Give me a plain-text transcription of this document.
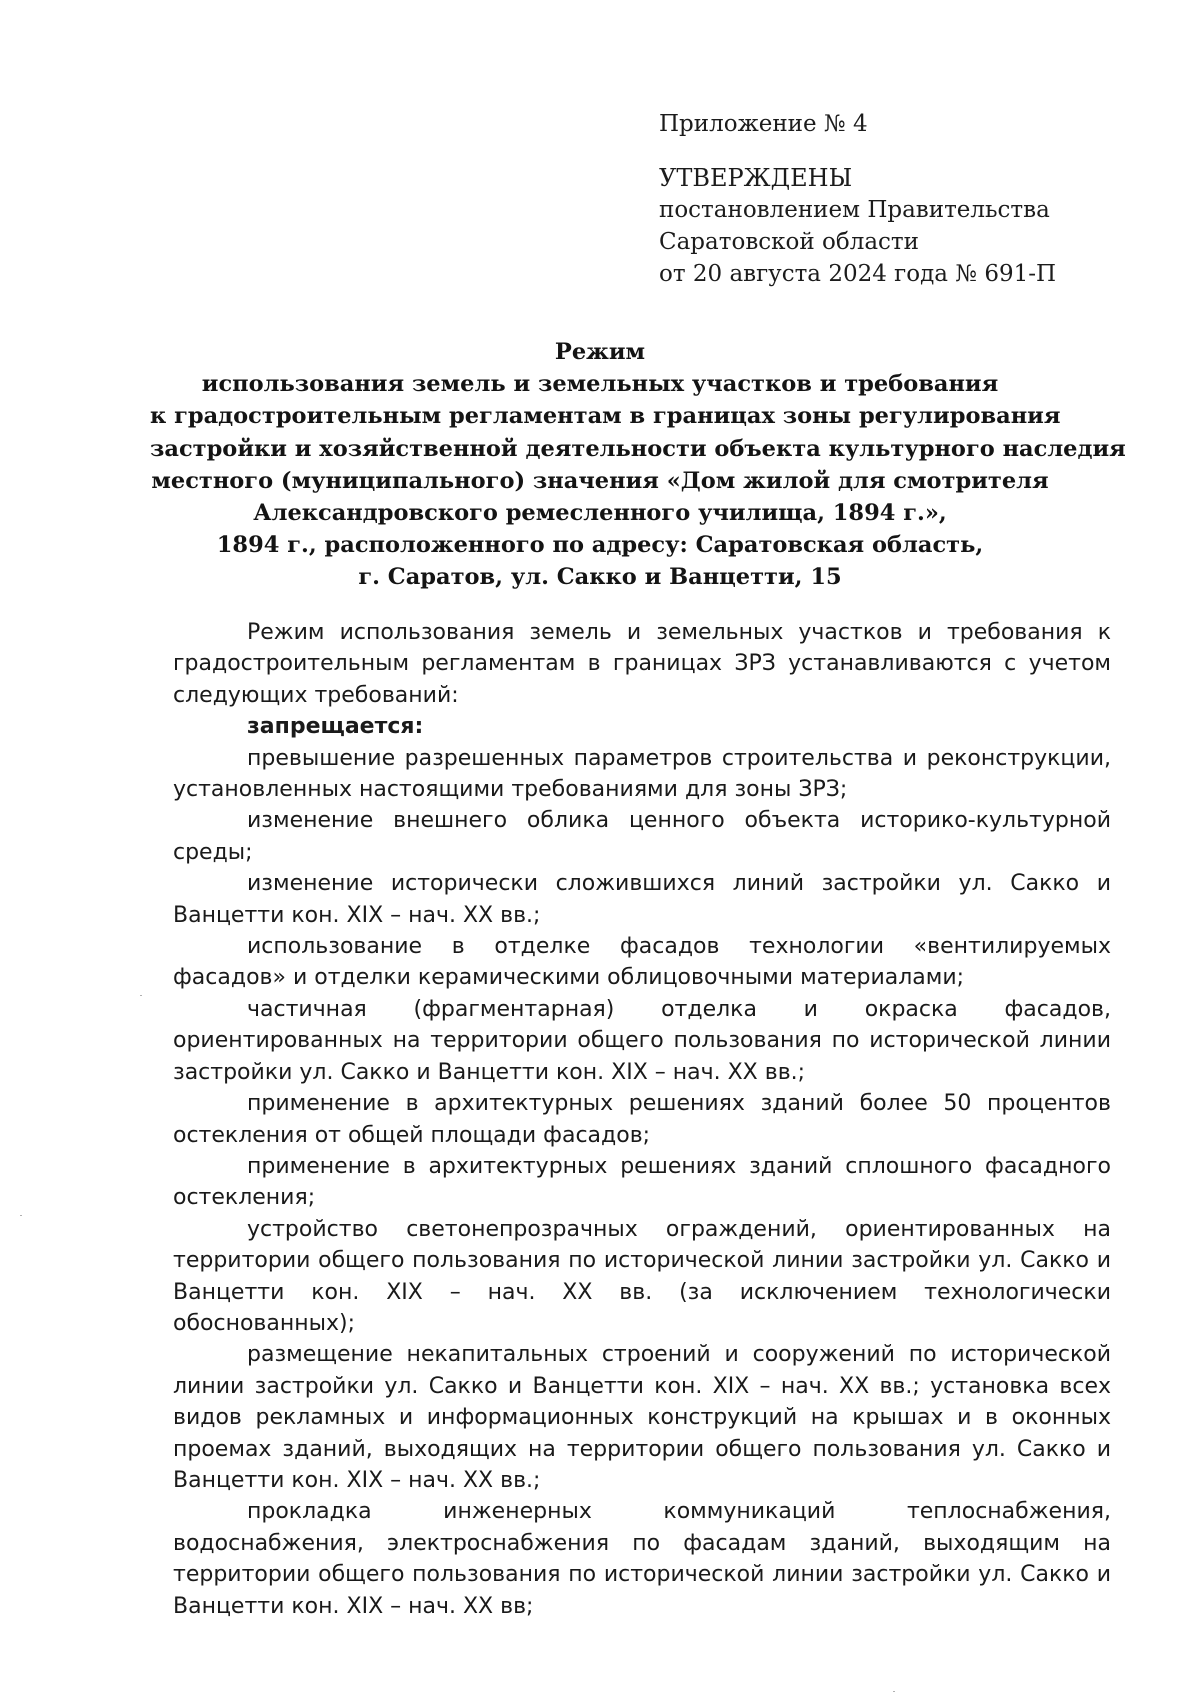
Приложение № 4
УТВЕРЖДЕНЫ
постановлением Правительства
Саратовской области
от 20 августа 2024 года № 691-П
Режим
использования земель и земельных участков и требования
к градостроительным регламентам в границах зоны регулирования
застройки и хозяйственной деятельности объекта культурного наследия
местного (муниципального) значения «Дом жилой для смотрителя
Александровского ремесленного училища, 1894 г.»,
1894 г., расположенного по адресу: Саратовская область,
г. Саратов, ул. Сакко и Ванцетти, 15

Режим использования земель и земельных участков и требования к градостроительным регламентам в границах ЗРЗ устанавливаются с учетом следующих требований:

запрещается:

превышение разрешенных параметров строительства и реконструкции, установленных настоящими требованиями для зоны ЗРЗ;

изменение внешнего облика ценного объекта историко-культурной среды;

изменение исторически сложившихся линий застройки ул. Сакко и Ванцетти кон. XIX – нач. XX вв.;

использование в отделке фасадов технологии «вентилируемых фасадов» и отделки керамическими облицовочными материалами;

частичная (фрагментарная) отделка и окраска фасадов, ориентированных на территории общего пользования по исторической линии застройки ул. Сакко и Ванцетти кон. XIX – нач. XX вв.;

применение в архитектурных решениях зданий более 50 процентов остекления от общей площади фасадов;

применение в архитектурных решениях зданий сплошного фасадного остекления;

устройство светонепрозрачных ограждений, ориентированных на территории общего пользования по исторической линии застройки ул. Сакко и Ванцетти кон. XIX – нач. XX вв. (за исключением технологически обоснованных);

размещение некапитальных строений и сооружений по исторической линии застройки ул. Сакко и Ванцетти кон. XIX – нач. XX вв.; установка всех видов рекламных и информационных конструкций на крышах и в оконных проемах зданий, выходящих на территории общего пользования ул. Сакко и Ванцетти кон. XIX – нач. XX вв.;

прокладка инженерных коммуникаций теплоснабжения, водоснабжения, электроснабжения по фасадам зданий, выходящим на территории общего пользования по исторической линии застройки ул. Сакко и Ванцетти кон. XIX – нач. XX вв;
